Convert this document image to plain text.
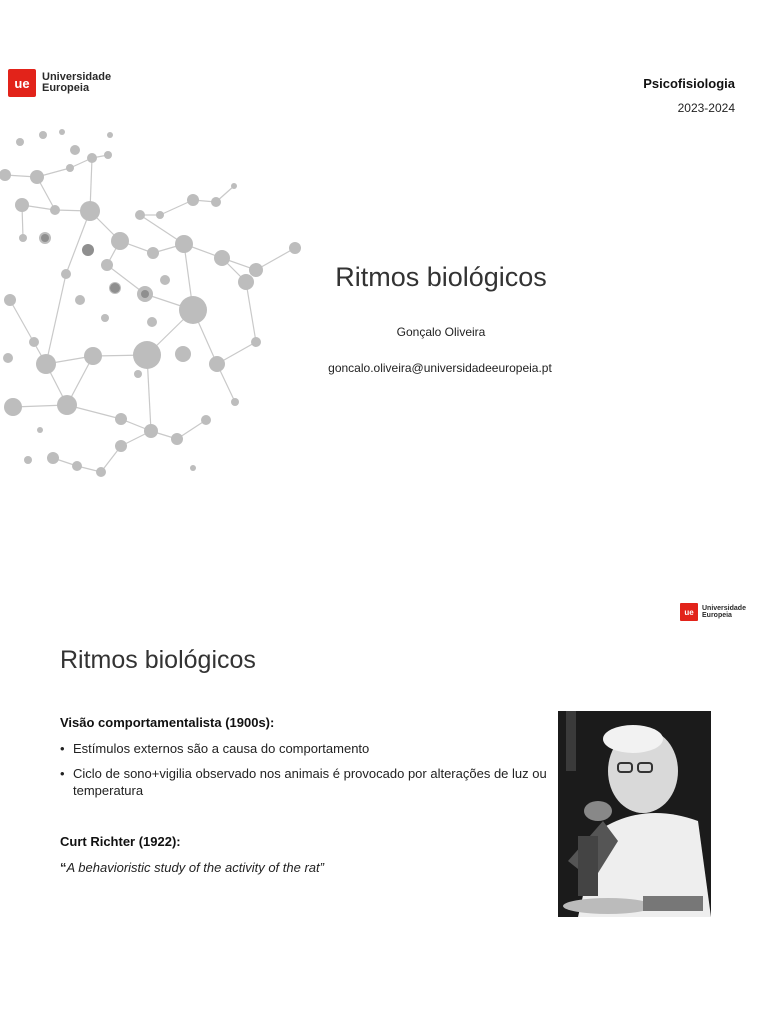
ue	Universidade
Europeia	Psicofisiologia
2023-2024
Ritmos biológicos
Gonçalo Oliveira
goncalo.oliveira@universidadeeuropeia.pt
ue	Universidade
Europeia
Ritmos biológicos
Visão comportamentalista (1900s):
• Estímulos externos são a causa do comportamento
• Ciclo de sono+vigilia observado nos animais é provocado por alterações de luz ou temperatura
Curt Richter (1922):
“A behavioristic study of the activity of the rat”
